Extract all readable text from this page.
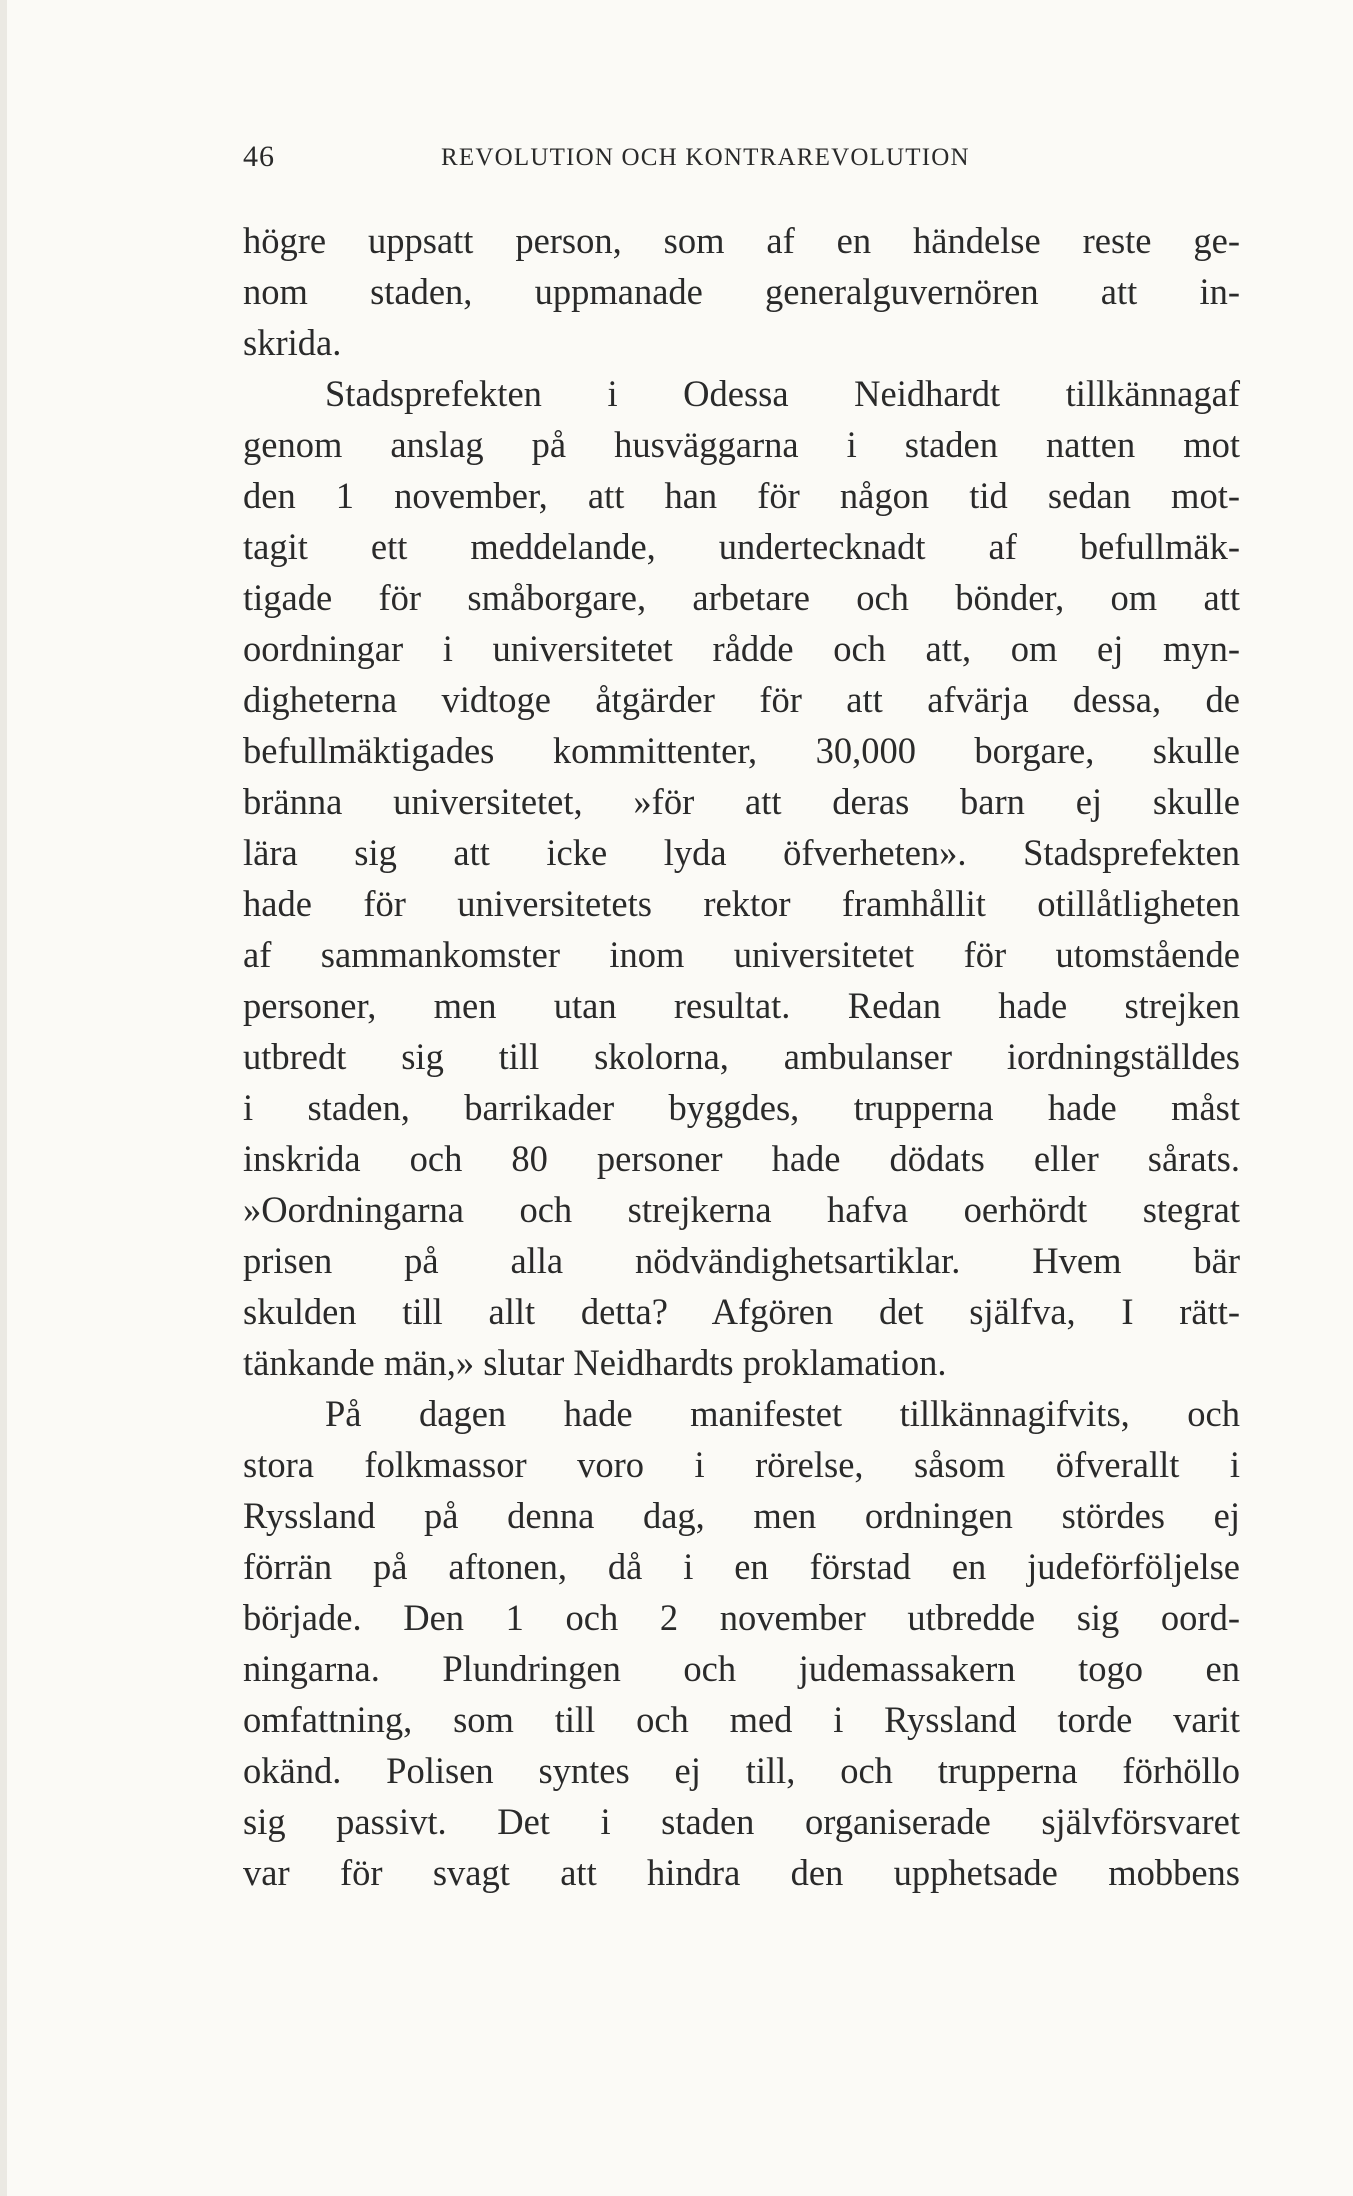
46	REVOLUTION OCH KONTRAREVOLUTION
högre uppsatt person, som af en händelse reste ge-
nom staden, uppmanade generalguvernören att in-
skrida.
Stadsprefekten i Odessa Neidhardt tillkännagaf
genom anslag på husväggarna i staden natten mot
den 1 november, att han för någon tid sedan mot-
tagit ett meddelande, undertecknadt af befullmäk-
tigade för småborgare, arbetare och bönder, om att
oordningar i universitetet rådde och att, om ej myn-
digheterna vidtoge åtgärder för att afvärja dessa, de
befullmäktigades kommittenter, 30,000 borgare, skulle
bränna universitetet, »för att deras barn ej skulle
lära sig att icke lyda öfverheten». Stadsprefekten
hade för universitetets rektor framhållit otillåtligheten
af sammankomster inom universitetet för utomstående
personer, men utan resultat. Redan hade strejken
utbredt sig till skolorna, ambulanser iordningställdes
i staden, barrikader byggdes, trupperna hade måst
inskrida och 80 personer hade dödats eller sårats.
»Oordningarna och strejkerna hafva oerhördt stegrat
prisen på alla nödvändighetsartiklar. Hvem bär
skulden till allt detta? Afgören det själfva, I rätt-
tänkande män,» slutar Neidhardts proklamation.
På dagen hade manifestet tillkännagifvits, och
stora folkmassor voro i rörelse, såsom öfverallt i
Ryssland på denna dag, men ordningen stördes ej
förrän på aftonen, då i en förstad en judeförföljelse
började. Den 1 och 2 november utbredde sig oord-
ningarna. Plundringen och judemassakern togo en
omfattning, som till och med i Ryssland torde varit
okänd. Polisen syntes ej till, och trupperna förhöllo
sig passivt. Det i staden organiserade självförsvaret
var för svagt att hindra den upphetsade mobbens
